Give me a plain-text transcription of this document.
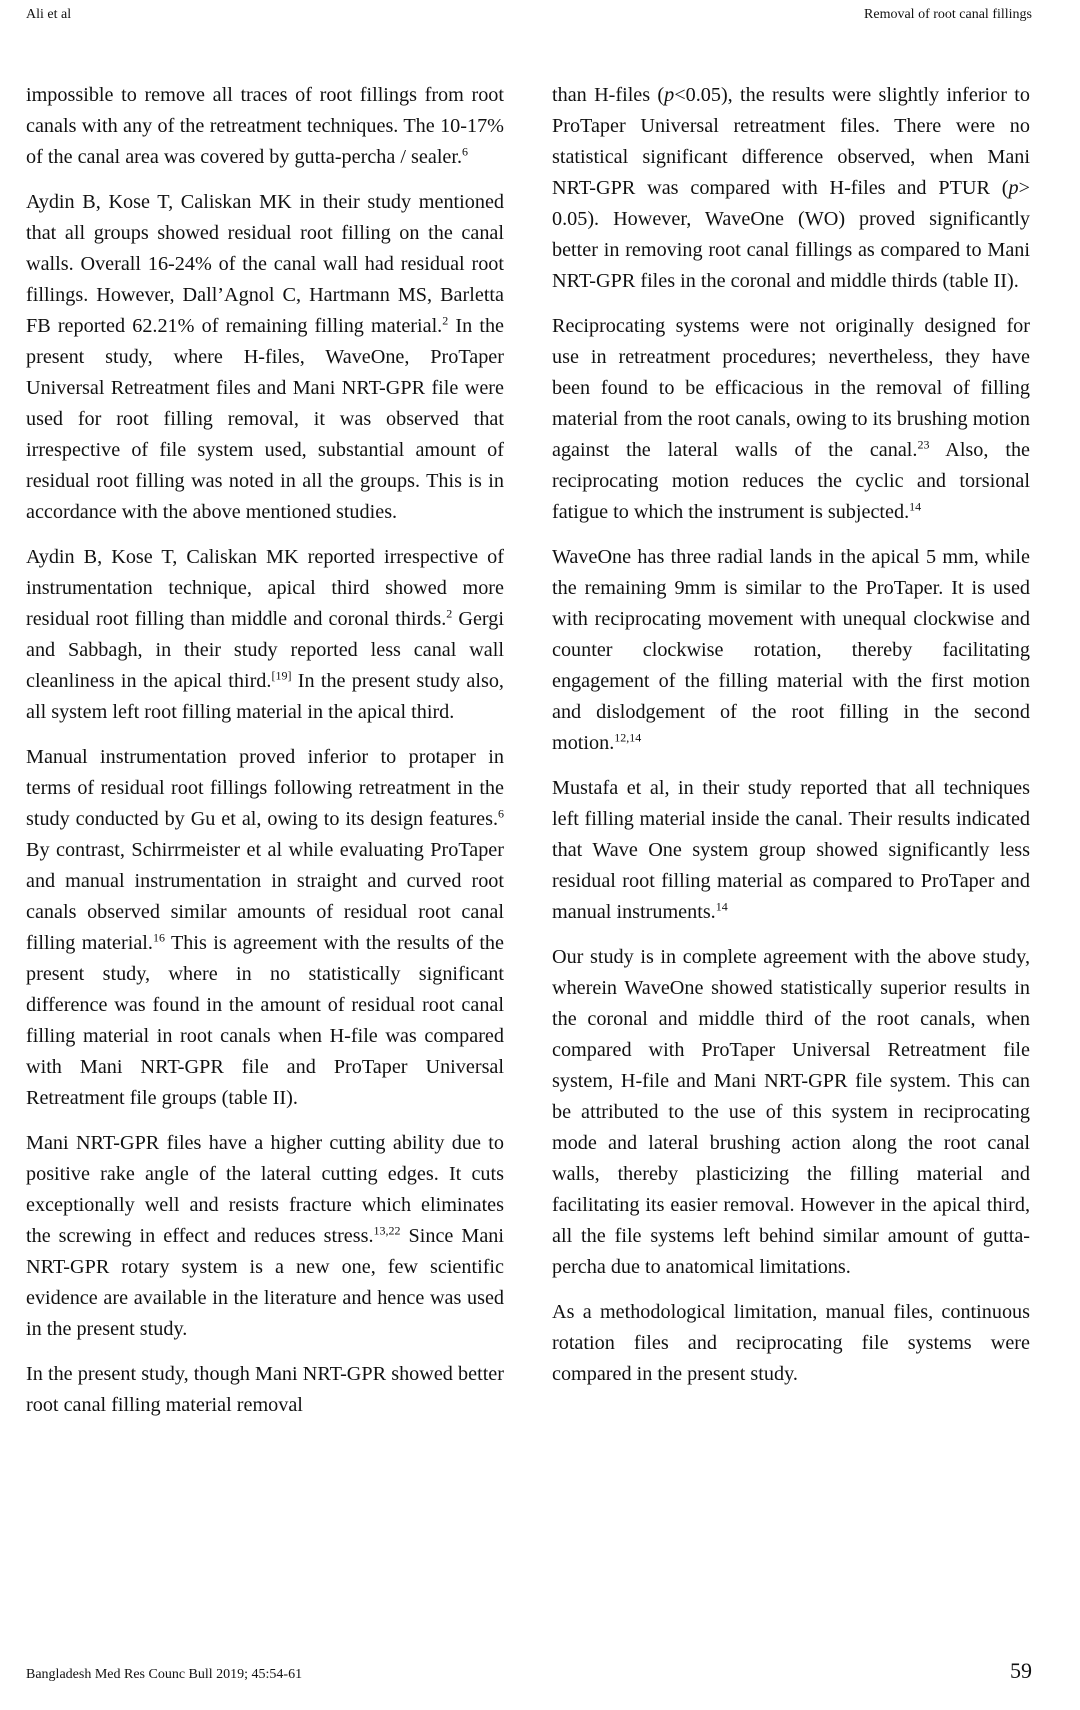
Ali et al	Removal of root canal fillings

impossible to remove all traces of root fillings from root canals with any of the retreatment techniques. The 10-17% of the canal area was covered by gutta-percha / sealer.$^6$

Aydin B, Kose T, Caliskan MK in their study mentioned that all groups showed residual root filling on the canal walls. Overall 16-24% of the canal wall had residual root fillings. However, Dall’Agnol C, Hartmann MS, Barletta FB reported 62.21% of remaining filling material.$^2$ In the present study, where H-files, WaveOne, ProTaper Universal Retreatment files and Mani NRT-GPR file were used for root filling removal, it was observed that irrespective of file system used, substantial amount of residual root filling was noted in all the groups. This is in accordance with the above mentioned studies.

Aydin B, Kose T, Caliskan MK reported irrespective of instrumentation technique, apical third showed more residual root filling than middle and coronal thirds.$^2$ Gergi and Sabbagh, in their study reported less canal wall cleanliness in the apical third.[19] In the present study also, all system left root filling material in the apical third.

Manual instrumentation proved inferior to protaper in terms of residual root fillings following retreatment in the study conducted by Gu et al, owing to its design features.$^6$ By contrast, Schirrmeister et al while evaluating ProTaper and manual instrumentation in straight and curved root canals observed similar amounts of residual root canal filling material.$^{16}$ This is agreement with the results of the present study, where in no statistically significant difference was found in the amount of residual root canal filling material in root canals when H-file was compared with Mani NRT-GPR file and ProTaper Universal Retreatment file groups (table II).

Mani NRT-GPR files have a higher cutting ability due to positive rake angle of the lateral cutting edges. It cuts exceptionally well and resists fracture which eliminates the screwing in effect and reduces stress.$^{13,22}$ Since Mani NRT-GPR rotary system is a new one, few scientific evidence are available in the literature and hence was used in the present study.

In the present study, though Mani NRT-GPR showed better root canal filling material removal

than H-files (p<0.05), the results were slightly inferior to ProTaper Universal retreatment files. There were no statistical significant difference observed, when Mani NRT-GPR was compared with H-files and PTUR (p> 0.05). However, WaveOne (WO) proved significantly better in removing root canal fillings as compared to Mani NRT-GPR files in the coronal and middle thirds (table II).

Reciprocating systems were not originally designed for use in retreatment procedures; nevertheless, they have been found to be efficacious in the removal of filling material from the root canals, owing to its brushing motion against the lateral walls of the canal.$^{23}$ Also, the reciprocating motion reduces the cyclic and torsional fatigue to which the instrument is subjected.$^{14}$

WaveOne has three radial lands in the apical 5 mm, while the remaining 9mm is similar to the ProTaper. It is used with reciprocating movement with unequal clockwise and counter clockwise rotation, thereby facilitating engagement of the filling material with the first motion and dislodgement of the root filling in the second motion.$^{12,14}$

Mustafa et al, in their study reported that all techniques left filling material inside the canal. Their results indicated that Wave One system group showed significantly less residual root filling material as compared to ProTaper and manual instruments.$^{14}$

Our study is in complete agreement with the above study, wherein WaveOne showed statistically superior results in the coronal and middle third of the root canals, when compared with ProTaper Universal Retreatment file system, H-file and Mani NRT-GPR file system. This can be attributed to the use of this system in reciprocating mode and lateral brushing action along the root canal walls, thereby plasticizing the filling material and facilitating its easier removal. However in the apical third, all the file systems left behind similar amount of gutta-percha due to anatomical limitations.

As a methodological limitation, manual files, continuous rotation files and reciprocating file systems were compared in the present study.

Bangladesh Med Res Counc Bull 2019; 45:54-61	59
